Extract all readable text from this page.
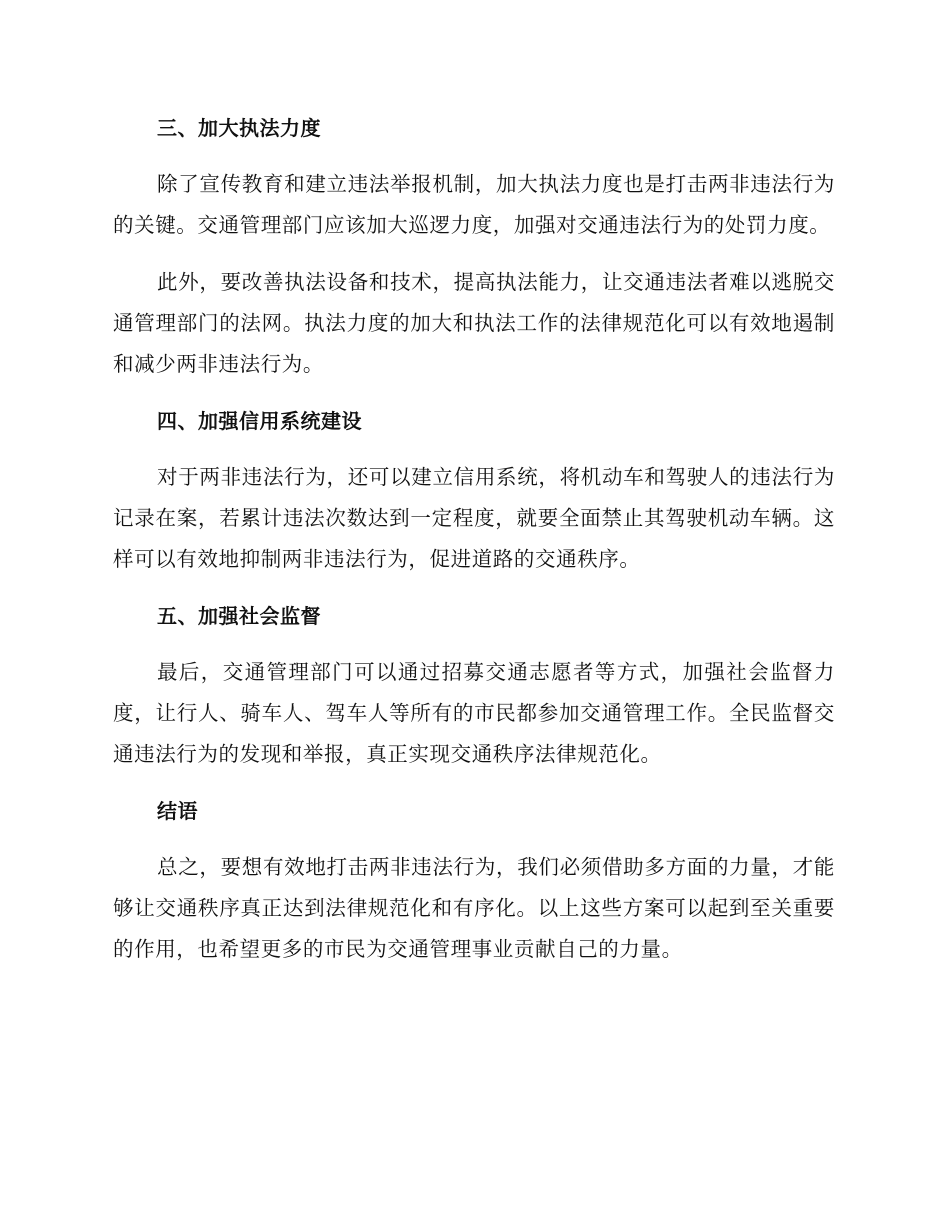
三、加大执法力度

除了宣传教育和建立违法举报机制，加大执法力度也是打击两非违法行为的关键。交通管理部门应该加大巡逻力度，加强对交通违法行为的处罚力度。

此外，要改善执法设备和技术，提高执法能力，让交通违法者难以逃脱交通管理部门的法网。执法力度的加大和执法工作的法律规范化可以有效地遏制和减少两非违法行为。

四、加强信用系统建设

对于两非违法行为，还可以建立信用系统，将机动车和驾驶人的违法行为记录在案，若累计违法次数达到一定程度，就要全面禁止其驾驶机动车辆。这样可以有效地抑制两非违法行为，促进道路的交通秩序。

五、加强社会监督

最后，交通管理部门可以通过招募交通志愿者等方式，加强社会监督力度，让行人、骑车人、驾车人等所有的市民都参加交通管理工作。全民监督交通违法行为的发现和举报，真正实现交通秩序法律规范化。

结语

总之，要想有效地打击两非违法行为，我们必须借助多方面的力量，才能够让交通秩序真正达到法律规范化和有序化。以上这些方案可以起到至关重要的作用，也希望更多的市民为交通管理事业贡献自己的力量。
